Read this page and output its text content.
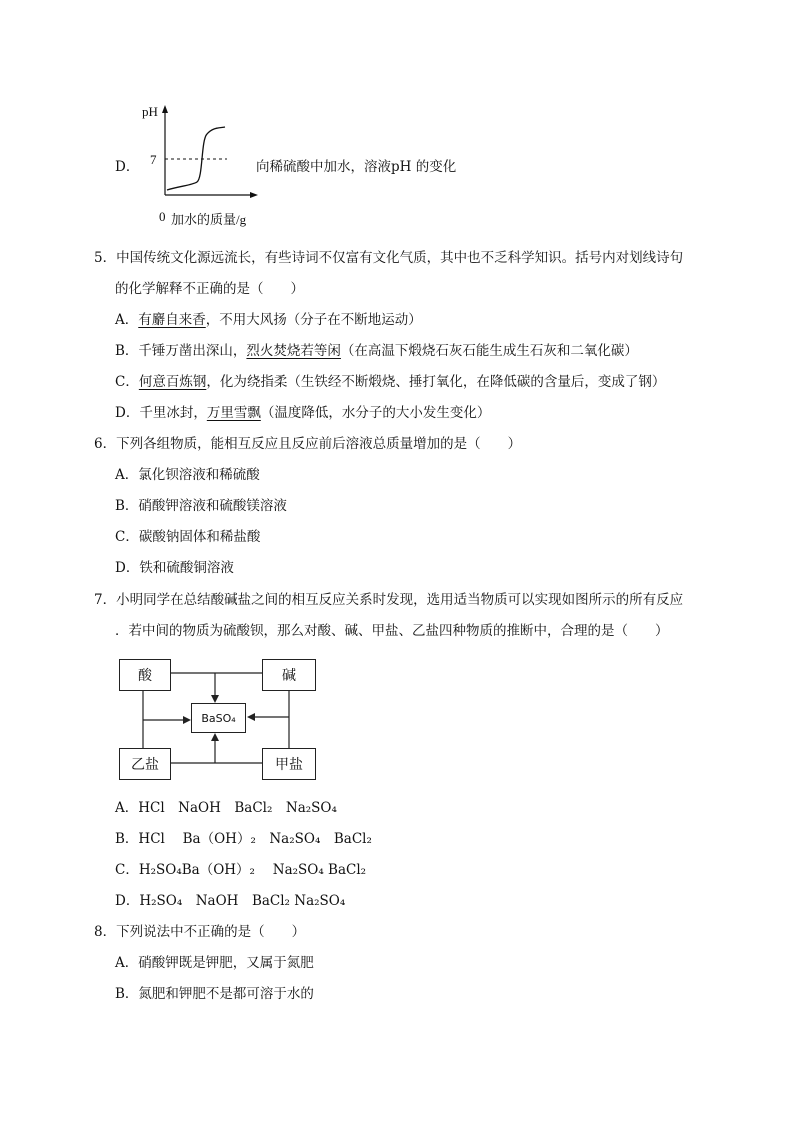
D．
pH
7	向稀硫酸中加水，溶液pH 的变化
0 加水的质量/g
5．中国传统文化源远流长，有些诗词不仅富有文化气质，其中也不乏科学知识。括号内对划线诗句
的化学解释不正确的是（　　）
A．有麝自来香，不用大风扬（分子在不断地运动）
B．千锤万凿出深山，烈火焚烧若等闲（在高温下煅烧石灰石能生成生石灰和二氧化碳）
C．何意百炼钢，化为绕指柔（生铁经不断煅烧、捶打氧化，在降低碳的含量后，变成了钢）
D．千里冰封，万里雪飘（温度降低，水分子的大小发生变化）
6．下列各组物质，能相互反应且反应前后溶液总质量增加的是（　　）
A．氯化钡溶液和稀硫酸
B．硝酸钾溶液和硫酸镁溶液
C．碳酸钠固体和稀盐酸
D．铁和硫酸铜溶液
7．小明同学在总结酸碱盐之间的相互反应关系时发现，选用适当物质可以实现如图所示的所有反应
．若中间的物质为硫酸钡，那么对酸、碱、甲盐、乙盐四种物质的推断中，合理的是（　　）
酸	碱
BaSO₄
乙盐	甲盐
A．HCl　NaOH　BaCl₂　Na₂SO₄
B．HCl　 Ba（OH）₂　Na₂SO₄　BaCl₂
C．H₂SO₄Ba（OH）₂　 Na₂SO₄ BaCl₂
D．H₂SO₄　NaOH　BaCl₂ Na₂SO₄
8．下列说法中不正确的是（　　）
A．硝酸钾既是钾肥，又属于氮肥
B．氮肥和钾肥不是都可溶于水的
